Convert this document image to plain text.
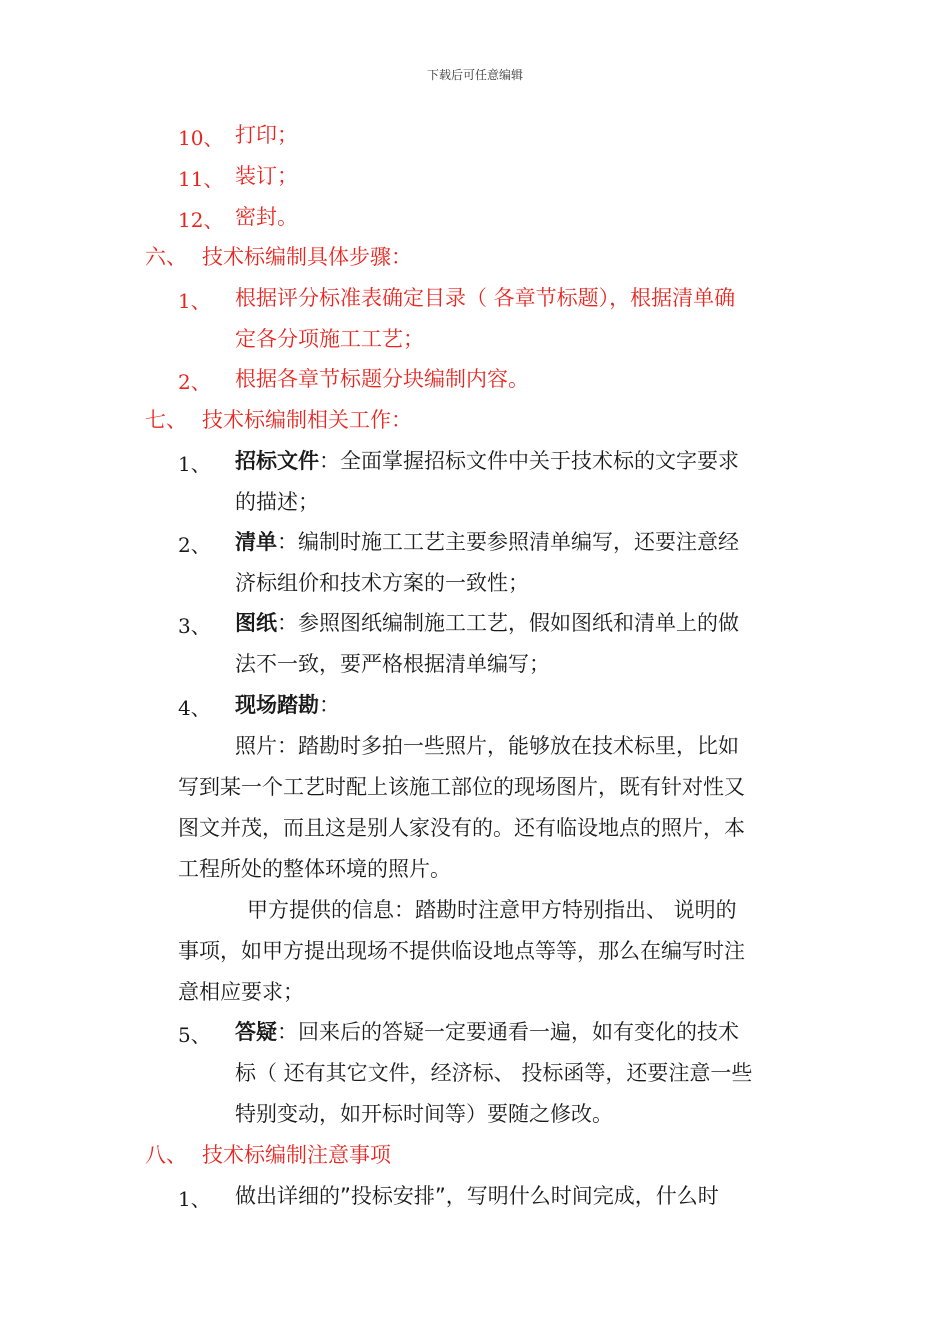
下载后可任意编辑
10、 打印；
11、 装订；
12、 密封。
六、 技术标编制具体步骤：
1、 根据评分标准表确定目录（ 各章节标题），根据清单确
定各分项施工工艺；
2、 根据各章节标题分块编制内容。
七、 技术标编制相关工作：
1、 招标文件：全面掌握招标文件中关于技术标的文字要求
的描述；
2、 清单：编制时施工工艺主要参照清单编写，还要注意经
济标组价和技术方案的一致性；
3、 图纸：参照图纸编制施工工艺，假如图纸和清单上的做
法不一致，要严格根据清单编写；
4、 现场踏勘：
照片：踏勘时多拍一些照片，能够放在技术标里，比如
写到某一个工艺时配上该施工部位的现场图片，既有针对性又
图文并茂，而且这是别人家没有的。还有临设地点的照片，本
工程所处的整体环境的照片。
甲方提供的信息：踏勘时注意甲方特别指出、 说明的
事项，如甲方提出现场不提供临设地点等等，那么在编写时注
意相应要求；
5、 答疑：回来后的答疑一定要通看一遍，如有变化的技术
标（ 还有其它文件，经济标、 投标函等，还要注意一些
特别变动，如开标时间等）要随之修改。
八、 技术标编制注意事项
1、 做出详细的”投标安排”，写明什么时间完成，什么时
